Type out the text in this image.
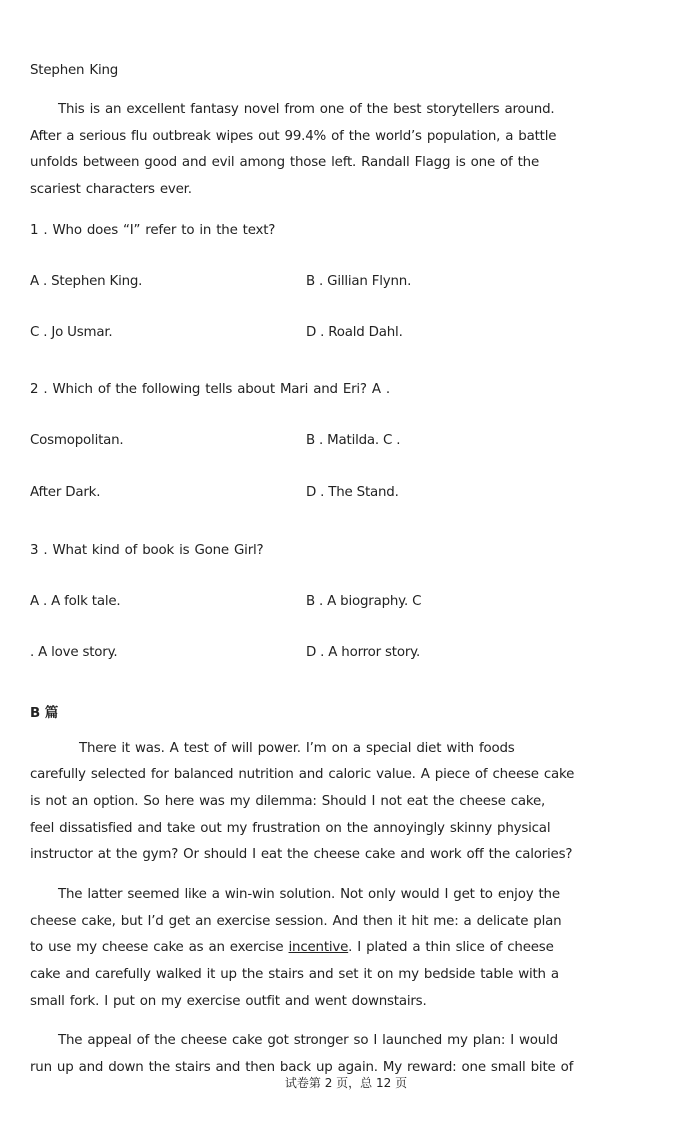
Stephen King
This is an excellent fantasy novel from one of the best storytellers around.
After a serious flu outbreak wipes out 99.4% of the world’s population, a battle
unfolds between good and evil among those left. Randall Flagg is one of the
scariest characters ever.
1 . Who does “I” refer to in the text?
A . Stephen King.	B . Gillian Flynn.
C . Jo Usmar.	D . Roald Dahl.
2 . Which of the following tells about Mari and Eri? A .
Cosmopolitan.	B . Matilda. C .
After Dark.	D . The Stand.
3 . What kind of book is Gone Girl?
A . A folk tale.	B . A biography. C
. A love story.	D . A horror story.
B 篇
There it was. A test of will power. I’m on a special diet with foods
carefully selected for balanced nutrition and caloric value. A piece of cheese cake
is not an option. So here was my dilemma: Should I not eat the cheese cake,
feel dissatisfied and take out my frustration on the annoyingly skinny physical
instructor at the gym? Or should I eat the cheese cake and work off the calories?
The latter seemed like a win-win solution. Not only would I get to enjoy the
cheese cake, but I’d get an exercise session. And then it hit me: a delicate plan
to use my cheese cake as an exercise incentive. I plated a thin slice of cheese
cake and carefully walked it up the stairs and set it on my bedside table with a
small fork. I put on my exercise outfit and went downstairs.
The appeal of the cheese cake got stronger so I launched my plan: I would
run up and down the stairs and then back up again. My reward: one small bite of
试卷第 2 页，总 12 页
